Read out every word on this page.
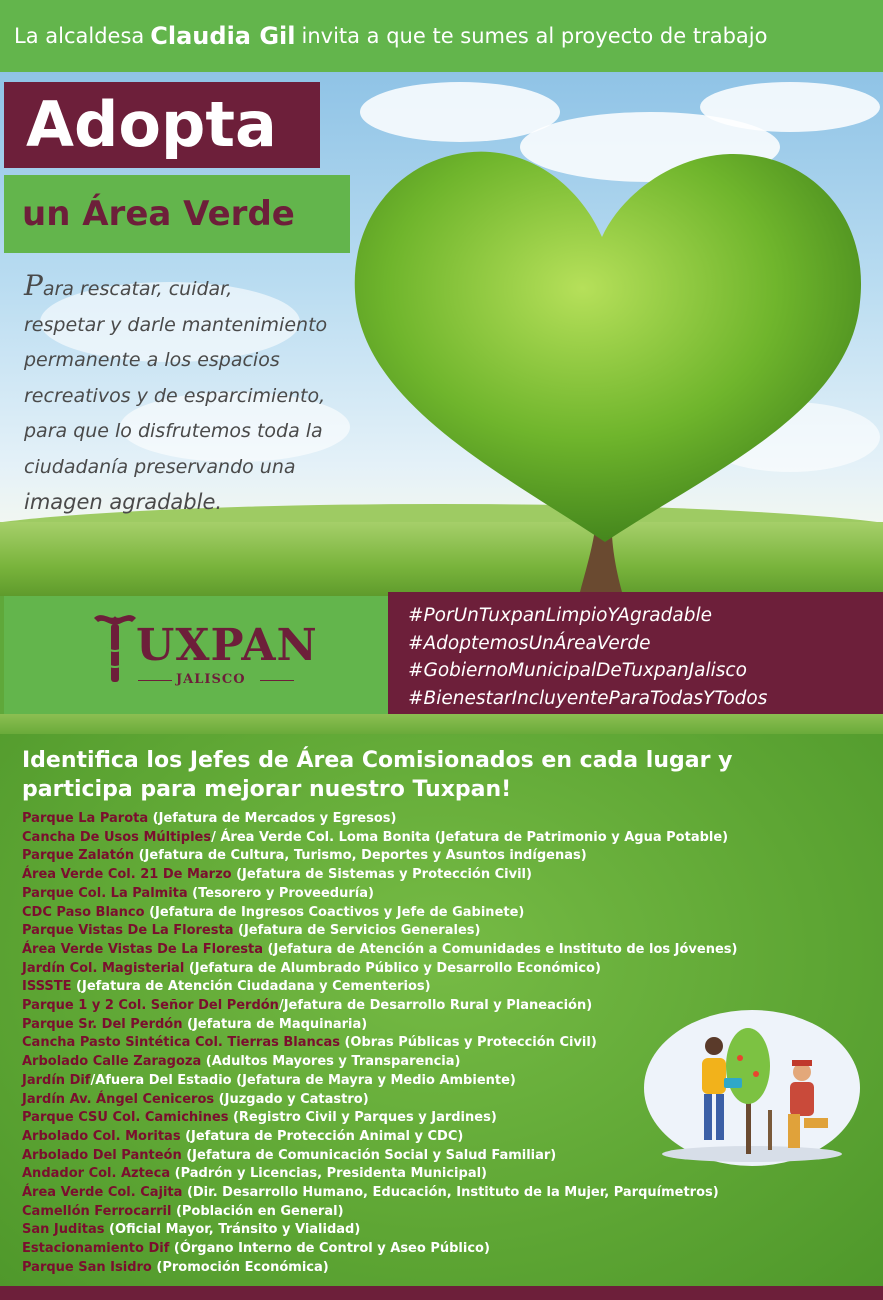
La alcaldesa Claudia Gil invita a que te sumes al proyecto de trabajo
Adopta
un Área Verde
Para rescatar, cuidar,
respetar y darle mantenimiento
permanente a los espacios
recreativos y de esparcimiento,
para que lo disfrutemos toda la
ciudadanía preservando una
imagen agradable.
UXPAN
JALISCO
#PorUnTuxpanLimpioYAgradable
#AdoptemosUnÁreaVerde
#GobiernoMunicipalDeTuxpanJalisco
#BienestarIncluyenteParaTodasYTodos
Identifica los Jefes de Área Comisionados en cada lugar y
participa para mejorar nuestro Tuxpan!
Parque La Parota (Jefatura de Mercados y Egresos)
Cancha De Usos Múltiples/ Área Verde Col. Loma Bonita (Jefatura de Patrimonio y Agua Potable)
Parque Zalatón (Jefatura de Cultura, Turismo, Deportes y Asuntos indígenas)
Área Verde Col. 21 De Marzo (Jefatura de Sistemas y Protección Civil)
Parque Col. La Palmita (Tesorero y Proveeduría)
CDC Paso Blanco (Jefatura de Ingresos Coactivos y Jefe de Gabinete)
Parque Vistas De La Floresta (Jefatura de Servicios Generales)
Área Verde Vistas De La Floresta (Jefatura de Atención a Comunidades e Instituto de los Jóvenes)
Jardín Col. Magisterial (Jefatura de Alumbrado Público y Desarrollo Económico)
ISSSTE (Jefatura de Atención Ciudadana y Cementerios)
Parque 1 y 2 Col. Señor Del Perdón/Jefatura de Desarrollo Rural y Planeación)
Parque Sr. Del Perdón (Jefatura de Maquinaria)
Cancha Pasto Sintética Col. Tierras Blancas (Obras Públicas y Protección Civil)
Arbolado Calle Zaragoza (Adultos Mayores y Transparencia)
Jardín Dif/Afuera Del Estadio (Jefatura de Mayra y Medio Ambiente)
Jardín Av. Ángel Ceniceros (Juzgado y Catastro)
Parque CSU Col. Camichines (Registro Civil y Parques y Jardines)
Arbolado Col. Moritas (Jefatura de Protección Animal y CDC)
Arbolado Del Panteón (Jefatura de Comunicación Social y Salud Familiar)
Andador Col. Azteca (Padrón y Licencias, Presidenta Municipal)
Área Verde Col. Cajita (Dir. Desarrollo Humano, Educación, Instituto de la Mujer, Parquímetros)
Camellón Ferrocarril (Población en General)
San Juditas (Oficial Mayor, Tránsito y Vialidad)
Estacionamiento Dif (Órgano Interno de Control y Aseo Público)
Parque San Isidro (Promoción Económica)
